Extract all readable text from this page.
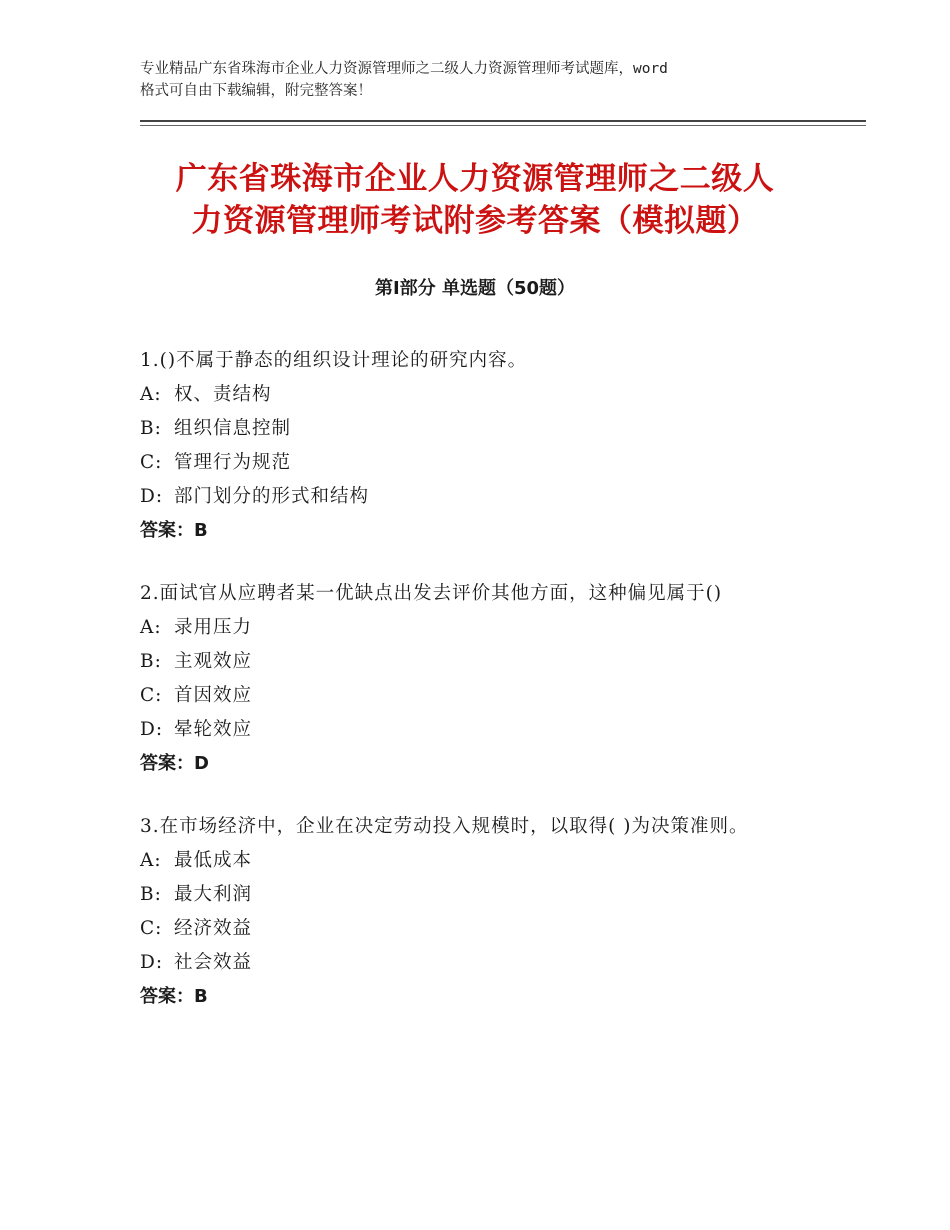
专业精品广东省珠海市企业人力资源管理师之二级人力资源管理师考试题库，word
格式可自由下载编辑，附完整答案！
广东省珠海市企业人力资源管理师之二级人
力资源管理师考试附参考答案（模拟题）
第Ⅰ部分 单选题（50题）
1.()不属于静态的组织设计理论的研究内容。
A: 权、责结构
B: 组织信息控制
C: 管理行为规范
D: 部门划分的形式和结构
答案：B
2.面试官从应聘者某一优缺点出发去评价其他方面，这种偏见属于()
A: 录用压力
B: 主观效应
C: 首因效应
D: 晕轮效应
答案：D
3.在市场经济中，企业在决定劳动投入规模时，以取得( )为决策准则。
A: 最低成本
B: 最大利润
C: 经济效益
D: 社会效益
答案：B
